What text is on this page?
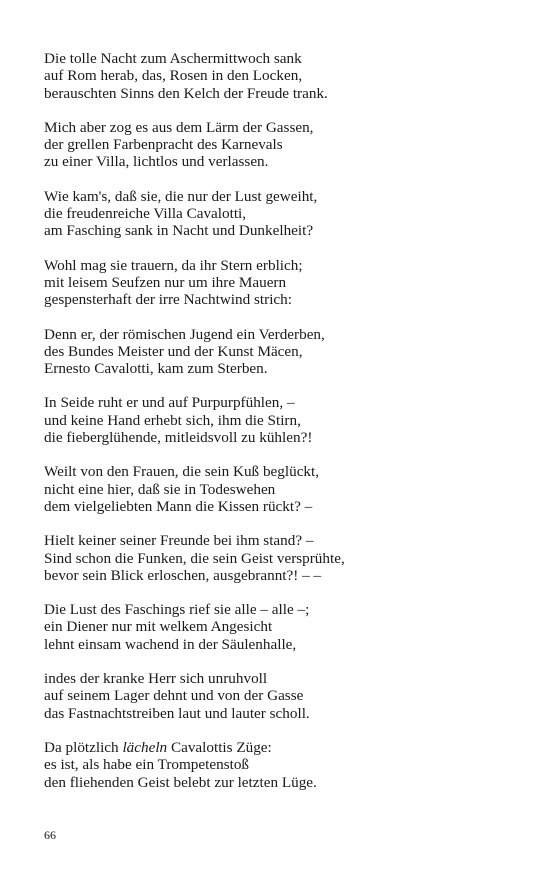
Die tolle Nacht zum Aschermittwoch sank
auf Rom herab, das, Rosen in den Locken,
berauschten Sinns den Kelch der Freude trank.
Mich aber zog es aus dem Lärm der Gassen,
der grellen Farbenpracht des Karnevals
zu einer Villa, lichtlos und verlassen.
Wie kam's, daß sie, die nur der Lust geweiht,
die freudenreiche Villa Cavalotti,
am Fasching sank in Nacht und Dunkelheit?
Wohl mag sie trauern, da ihr Stern erblich;
mit leisem Seufzen nur um ihre Mauern
gespensterhaft der irre Nachtwind strich:
Denn er, der römischen Jugend ein Verderben,
des Bundes Meister und der Kunst Mäcen,
Ernesto Cavalotti, kam zum Sterben.
In Seide ruht er und auf Purpurpfühlen, –
und keine Hand erhebt sich, ihm die Stirn,
die fieberglühende, mitleidsvoll zu kühlen?!
Weilt von den Frauen, die sein Kuß beglückt,
nicht eine hier, daß sie in Todeswehen
dem vielgeliebten Mann die Kissen rückt? –
Hielt keiner seiner Freunde bei ihm stand? –
Sind schon die Funken, die sein Geist versprühte,
bevor sein Blick erloschen, ausgebrannt?! – –
Die Lust des Faschings rief sie alle – alle –;
ein Diener nur mit welkem Angesicht
lehnt einsam wachend in der Säulenhalle,
indes der kranke Herr sich unruhvoll
auf seinem Lager dehnt und von der Gasse
das Fastnachtstreiben laut und lauter scholl.
Da plötzlich lächeln Cavalottis Züge:
es ist, als habe ein Trompetenstoß
den fliehenden Geist belebt zur letzten Lüge.
66
